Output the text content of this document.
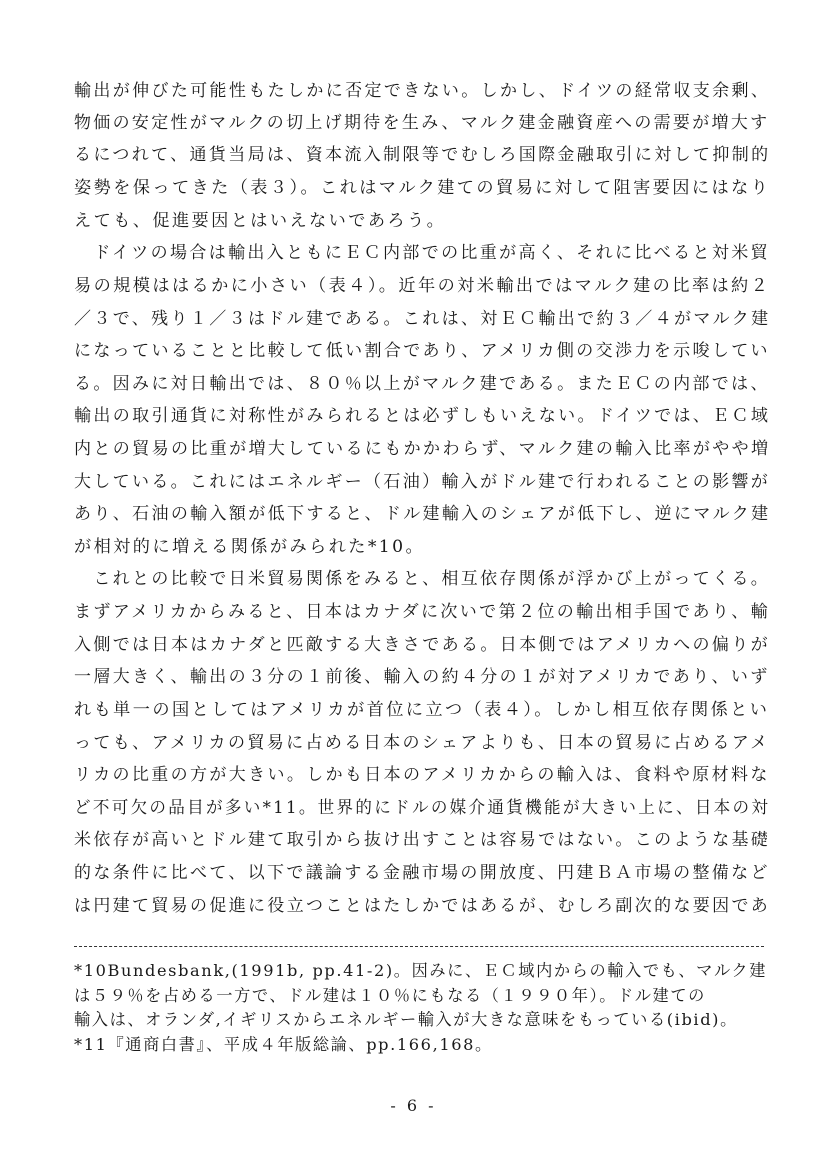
輸出が伸びた可能性もたしかに否定できない。しかし、ドイツの経常収支余剰、
物価の安定性がマルクの切上げ期待を生み、マルク建金融資産への需要が増大す
るにつれて、通貨当局は、資本流入制限等でむしろ国際金融取引に対して抑制的
姿勢を保ってきた（表３）。これはマルク建ての貿易に対して阻害要因にはなり
えても、促進要因とはいえないであろう。
　ドイツの場合は輸出入ともにＥＣ内部での比重が高く、それに比べると対米貿
易の規模ははるかに小さい（表４）。近年の対米輸出ではマルク建の比率は約２
／３で、残り１／３はドル建である。これは、対ＥＣ輸出で約３／４がマルク建
になっていることと比較して低い割合であり、アメリカ側の交渉力を示唆してい
る。因みに対日輸出では、８０％以上がマルク建である。またＥＣの内部では、
輸出の取引通貨に対称性がみられるとは必ずしもいえない。ドイツでは、ＥＣ域
内との貿易の比重が増大しているにもかかわらず、マルク建の輸入比率がやや増
大している。これにはエネルギー（石油）輸入がドル建で行われることの影響が
あり、石油の輸入額が低下すると、ドル建輸入のシェアが低下し、逆にマルク建
が相対的に増える関係がみられた*10。
　これとの比較で日米貿易関係をみると、相互依存関係が浮かび上がってくる。
まずアメリカからみると、日本はカナダに次いで第２位の輸出相手国であり、輸
入側では日本はカナダと匹敵する大きさである。日本側ではアメリカへの偏りが
一層大きく、輸出の３分の１前後、輸入の約４分の１が対アメリカであり、いず
れも単一の国としてはアメリカが首位に立つ（表４）。しかし相互依存関係とい
っても、アメリカの貿易に占める日本のシェアよりも、日本の貿易に占めるアメ
リカの比重の方が大きい。しかも日本のアメリカからの輸入は、食料や原材料な
ど不可欠の品目が多い*11。世界的にドルの媒介通貨機能が大きい上に、日本の対
米依存が高いとドル建て取引から抜け出すことは容易ではない。このような基礎
的な条件に比べて、以下で議論する金融市場の開放度、円建ＢＡ市場の整備など
は円建て貿易の促進に役立つことはたしかではあるが、むしろ副次的な要因であ
*10Bundesbank,(1991b, pp.41-2)。因みに、ＥＣ域内からの輸入でも、マルク建
は５９％を占める一方で、ドル建は１０％にもなる（１９９０年）。ドル建ての
輸入は、オランダ,イギリスからエネルギー輸入が大きな意味をもっている(ibid)。
*11『通商白書』、平成４年版総論、pp.166,168。
- 6 -
